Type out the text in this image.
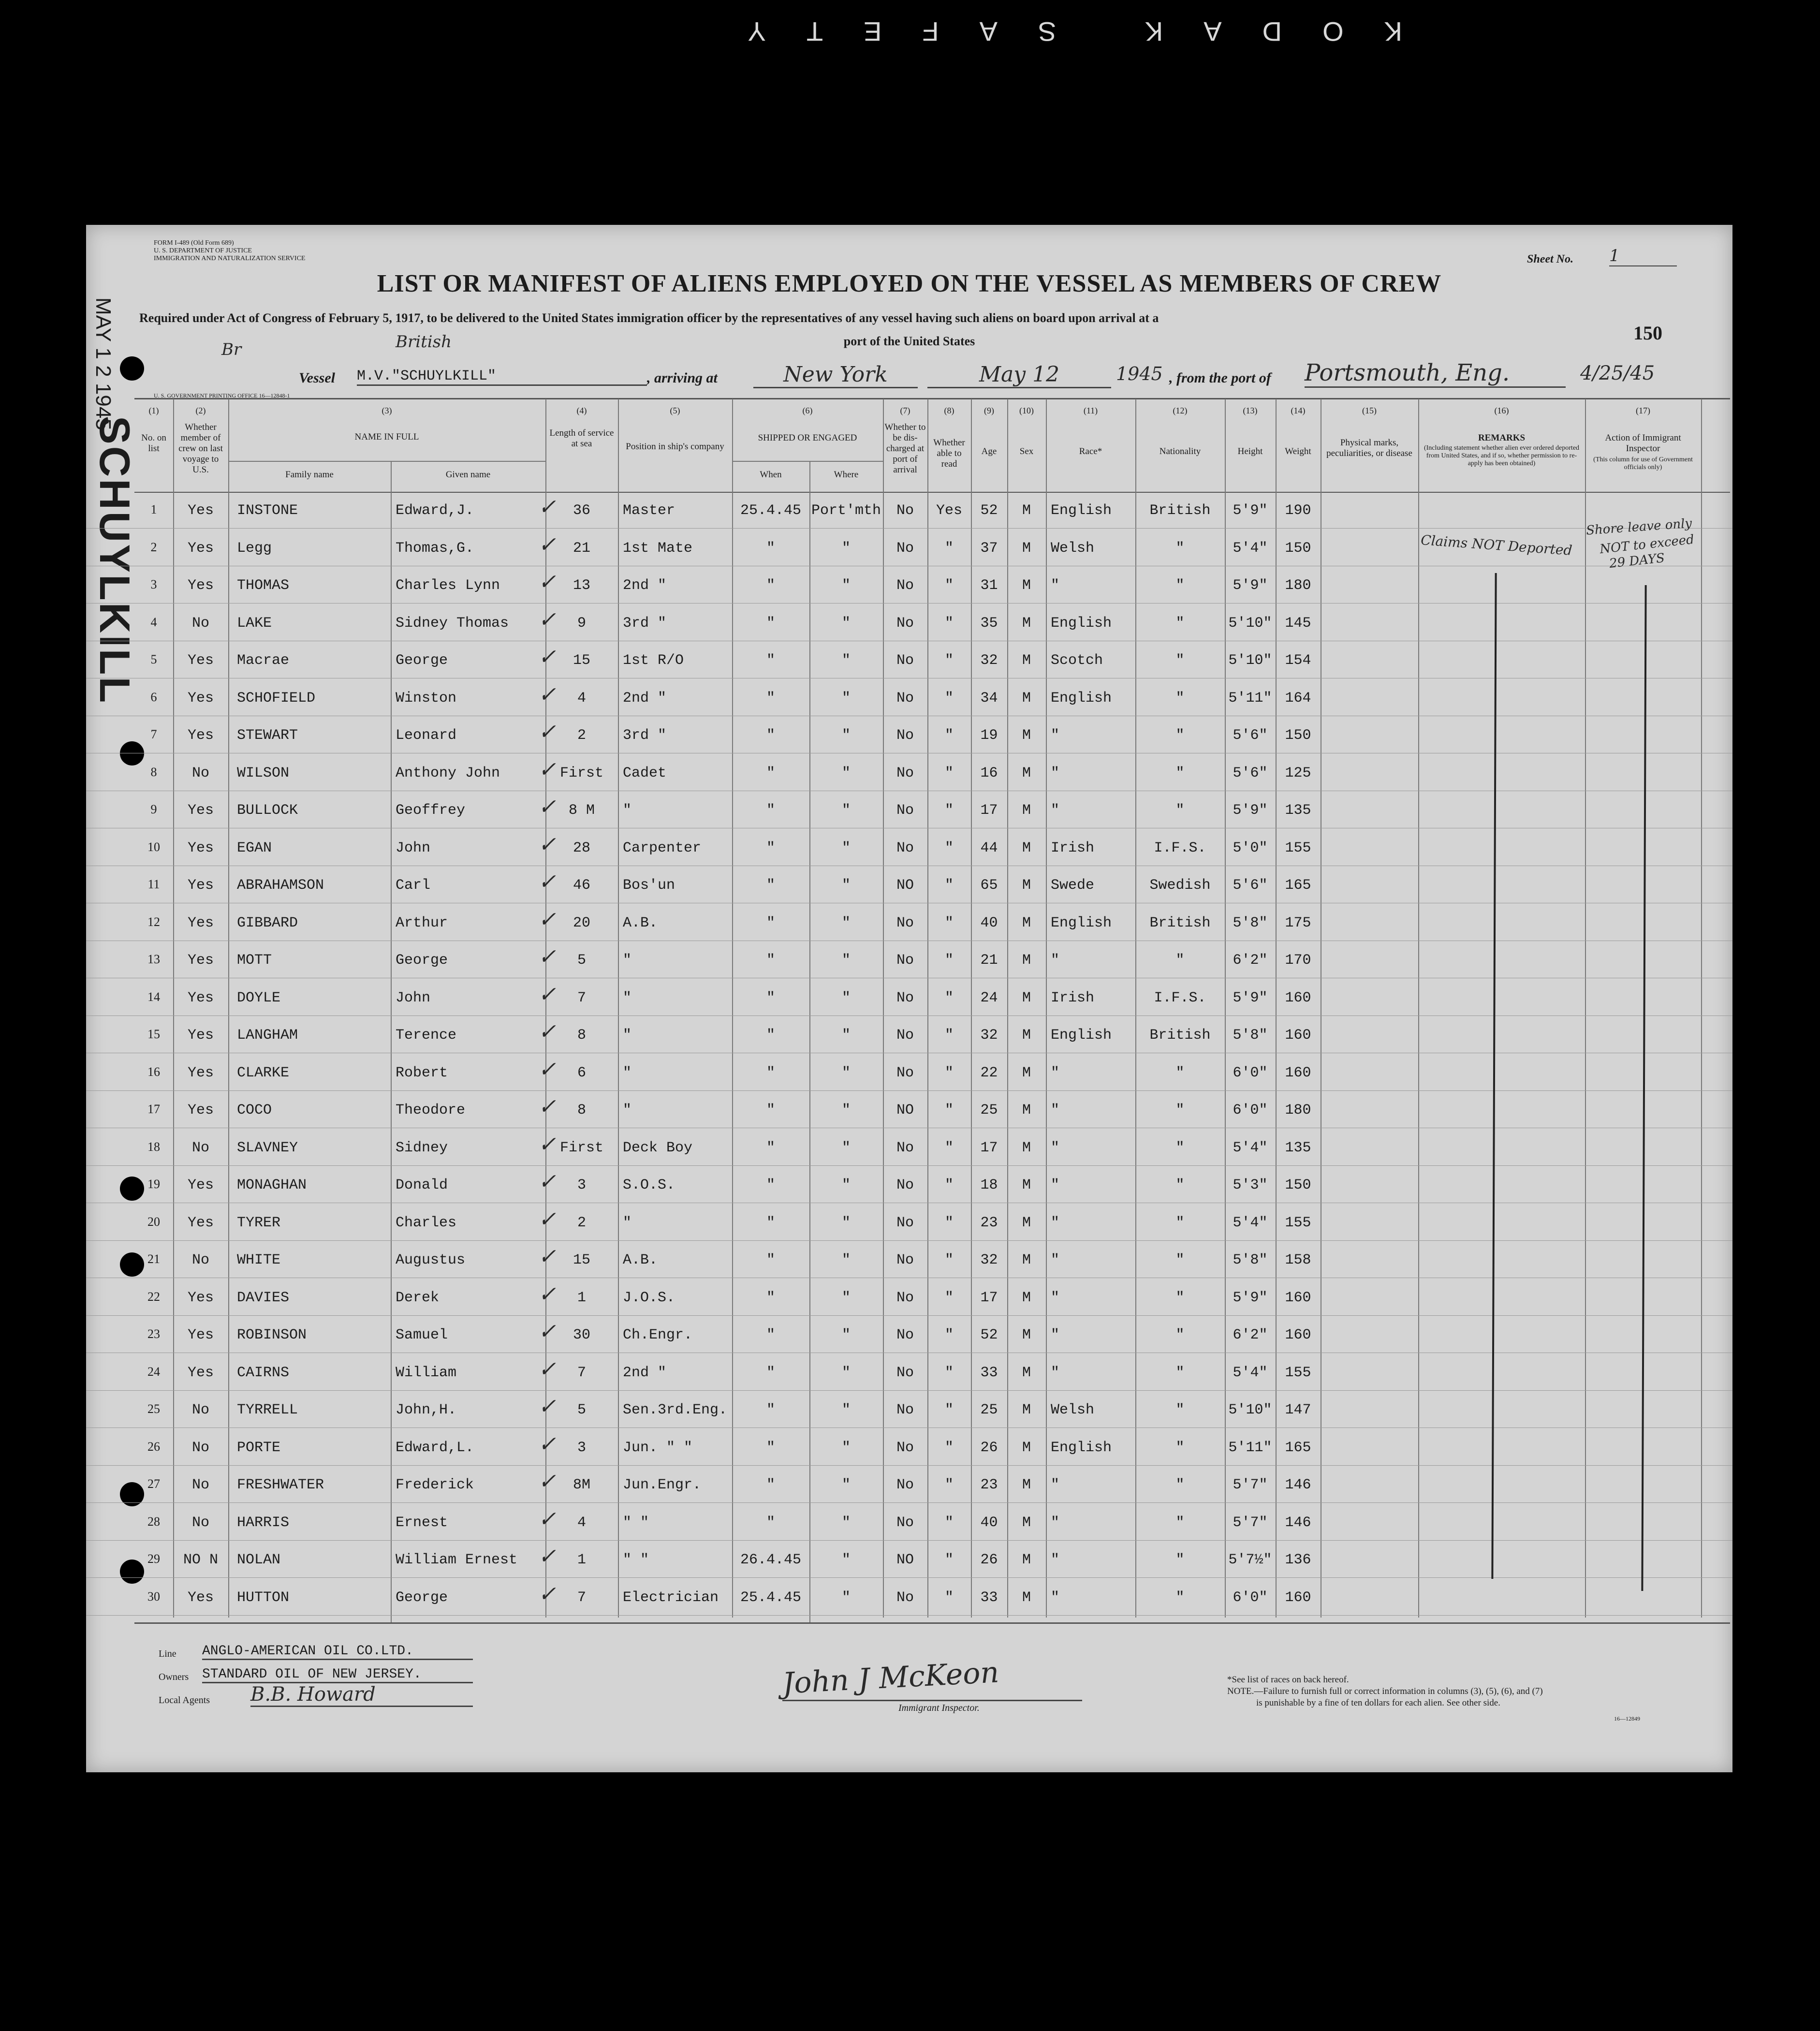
KODAK SAFETY
MAY 1 2 1945
SCHUYLKILL
FORM I-489 (Old Form 689)
U. S. DEPARTMENT OF JUSTICE
IMMIGRATION AND NATURALIZATION SERVICE
LIST OR MANIFEST OF ALIENS EMPLOYED ON THE VESSEL AS MEMBERS OF CREW
Sheet No. 1
Required under Act of Congress of February 5, 1917, to be delivered to the United States immigration officer by the representatives of any vessel having such aliens on board upon arrival at a
port of the United States	150
Br	British
Vessel M.V."SCHUYLKILL"	, arriving at	New York	May 12	1945 , from the port of Portsmouth, Eng.	4/25/45
U. S. GOVERNMENT PRINTING OFFICE 16—12848-1
(1)	(2)	(3)	(4)	(5)	(6)	(7)	(8)	(9)	(10)	(11)	(12)	(13)	(14)	(15)	(16)	(17)
No. on list
Whether member of crew on last voyage to U.S.
NAME IN FULL
Family name	Given name
Length of service at sea	Position in ship's company
SHIPPED OR ENGAGED
When	Where
Whether to be dis-charged at port of arrival
Whether able to read
Age	Sex	Race*	Nationality	Height	Weight
Physical marks, peculiarities, or disease
REMARKS
(Including statement whether alien ever ordered deported from United States, and if so, whether permission to re-apply has been obtained)
Action of Immigrant Inspector
(This column for use of Government officials only)
1	Yes	INSTONE	Edward,J.	36	Master	25.4.45 Port'mth	No	Yes	52	M	English	British	5'9"	190
✓
2	Yes	Legg	Thomas,G.	21	1st Mate	"	"	No	"	37	M	Welsh	"	5'4"	150
✓
3	Yes	THOMAS	Charles Lynn	13	2nd "	"	"	No	"	31	M	"	"	5'9"	180
✓
4	No	LAKE	Sidney Thomas	9	3rd "	"	"	No	"	35	M	English	"	5'10" 145
✓
5	Yes	Macrae	George	15	1st R/O	"	"	No	"	32	M	Scotch	"	5'10" 154
✓
6	Yes	SCHOFIELD	Winston	4	2nd "	"	"	No	"	34	M	English	"	5'11" 164
✓
7	Yes	STEWART	Leonard	2	3rd "	"	"	No	"	19	M	"	"	5'6"	150
✓
8	No	WILSON	Anthony John	First	Cadet	"	"	No	"	16	M	"	"	5'6"	125
✓
9	Yes	BULLOCK	Geoffrey	8 M	"	"	"	No	"	17	M	"	"	5'9"	135
✓
10	Yes	EGAN	John	28	Carpenter	"	"	No	"	44	M	Irish	I.F.S.	5'0"	155
✓
11	Yes	ABRAHAMSON	Carl	46	Bos'un	"	"	NO	"	65	M	Swede	Swedish	5'6"	165
✓
12	Yes	GIBBARD	Arthur	20	A.B.	"	"	No	"	40	M	English	British	5'8"	175
✓
13	Yes	MOTT	George	5	"	"	"	No	"	21	M	"	"	6'2"	170
✓
14	Yes	DOYLE	John	7	"	"	"	No	"	24	M	Irish	I.F.S.	5'9"	160
✓
15	Yes	LANGHAM	Terence	8	"	"	"	No	"	32	M	English	British	5'8"	160
✓
16	Yes	CLARKE	Robert	6	"	"	"	No	"	22	M	"	"	6'0"	160
✓
17	Yes	COCO	Theodore	8	"	"	"	NO	"	25	M	"	"	6'0"	180
✓
18	No	SLAVNEY	Sidney	First	Deck Boy	"	"	No	"	17	M	"	"	5'4"	135
✓
19	Yes	MONAGHAN	Donald	3	S.O.S.	"	"	No	"	18	M	"	"	5'3"	150
✓
20	Yes	TYRER	Charles	2	"	"	"	No	"	23	M	"	"	5'4"	155
✓
21	No	WHITE	Augustus	15	A.B.	"	"	No	"	32	M	"	"	5'8"	158
✓
22	Yes	DAVIES	Derek	1	J.O.S.	"	"	No	"	17	M	"	"	5'9"	160
✓
23	Yes	ROBINSON	Samuel	30	Ch.Engr.	"	"	No	"	52	M	"	"	6'2"	160
✓
24	Yes	CAIRNS	William	7	2nd "	"	"	No	"	33	M	"	"	5'4"	155
✓
25	No	TYRRELL	John,H.	5	Sen.3rd.Eng.	"	"	No	"	25	M	Welsh	"	5'10" 147
✓
26	No	PORTE	Edward,L.	3	Jun. " "	"	"	No	"	26	M	English	"	5'11" 165
✓
27	No	FRESHWATER	Frederick	8M	Jun.Engr.	"	"	No	"	23	M	"	"	5'7"	146
✓
28	No	HARRIS	Ernest	4	" "	"	"	No	"	40	M	"	"	5'7"	146
✓
29	NO N	NOLAN	William Ernest	1	" "	26.4.45	"	NO	"	26	M	"	"	5'7½" 136
✓
30	Yes	HUTTON	George	7	Electrician	25.4.45	"	No	"	33	M	"	"	6'0"	160
✓
Claims NOT Deported
Shore leave only
NOT to exceed
29 DAYS
Line ANGLO-AMERICAN OIL CO.LTD.
Owners STANDARD OIL OF NEW JERSEY.
Local Agents B.B. Howard	John J McKeon
Immigrant Inspector.
*See list of races on back hereof.
NOTE.—Failure to furnish full or correct information in columns (3), (5), (6), and (7)
is punishable by a fine of ten dollars for each alien. See other side.
16—12849
